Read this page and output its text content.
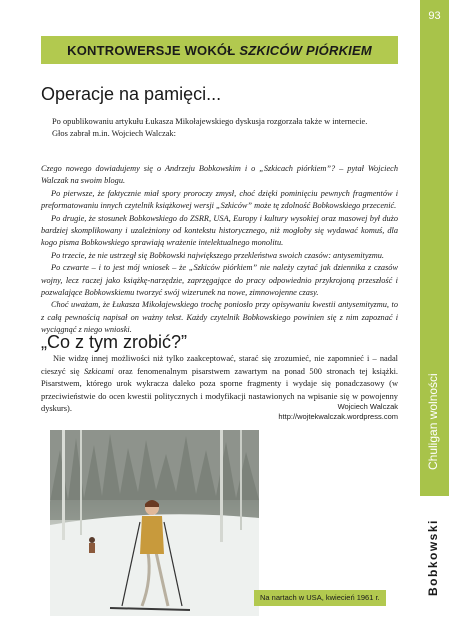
93
Chuligan wolności
Bobkowski
KONTROWERSJE WOKÓŁ SZKICÓW PIÓRKIEM
Operacje na pamięci...

Po opublikowaniu artykułu Łukasza Mikołajewskiego dyskusja rozgorzała także w internecie.

Głos zabrał m.in. Wojciech Walczak:

Czego nowego dowiadujemy się o Andrzeju Bobkowskim i o „Szkicach piórkiem”? – pytał Wojciech Walczak na swoim blogu.

Po pierwsze, że faktycznie miał spory proroczy zmysł, choć dzięki pominięciu pewnych fragmentów i preformatowaniu innych czytelnik książkowej wersji „Szkiców” może tę zdolność Bobkowskiego przecenić.

Po drugie, że stosunek Bobkowskiego do ZSRR, USA, Europy i kultury wysokiej oraz masowej był dużo bardziej skomplikowany i uzależniony od kontekstu historycznego, niż mogłoby się wydawać komuś, dla kogo pisma Bobkowskiego sprawiają wrażenie intelektualnego monolitu.

Po trzecie, że nie ustrzegł się Bobkowski największego przekleństwa swoich czasów: antysemityzmu.

Po czwarte – i to jest mój wniosek – że „Szkiców piórkiem” nie należy czytać jak dziennika z czasów wojny, lecz raczej jako książkę-narzędzie, zaprzęgające do pracy odpowiednio przykrojoną przeszłość i pozwalające Bobkowskiemu tworzyć swój wizerunek na nowe, zimnowojenne czasy.

Choć uważam, że Łukasza Mikołajewskiego trochę poniosło przy opisywaniu kwestii antysemityzmu, to z całą pewnością napisał on ważny tekst. Każdy czytelnik Bobkowskiego powinien się z nim zapoznać i wyciągnąć z niego wnioski.

„Co z tym zrobić?”

Nie widzę innej możliwości niż tylko zaakceptować, starać się zrozumieć, nie zapomnieć i – nadal cieszyć się Szkicami oraz fenomenalnym pisarstwem zawartym na ponad 500 stronach tej książki. Pisarstwem, którego urok wykracza daleko poza sporne fragmenty i wydaje się ponadczasowy (w przeciwieństwie do ocen kwestii politycznych i modyfikacji nastawionych na wpisanie się w powojenny dyskurs).	Wojciech Walczak
http://wojtekwalczak.wordpress.com
Na nartach w USA, kwiecień 1961 r.
